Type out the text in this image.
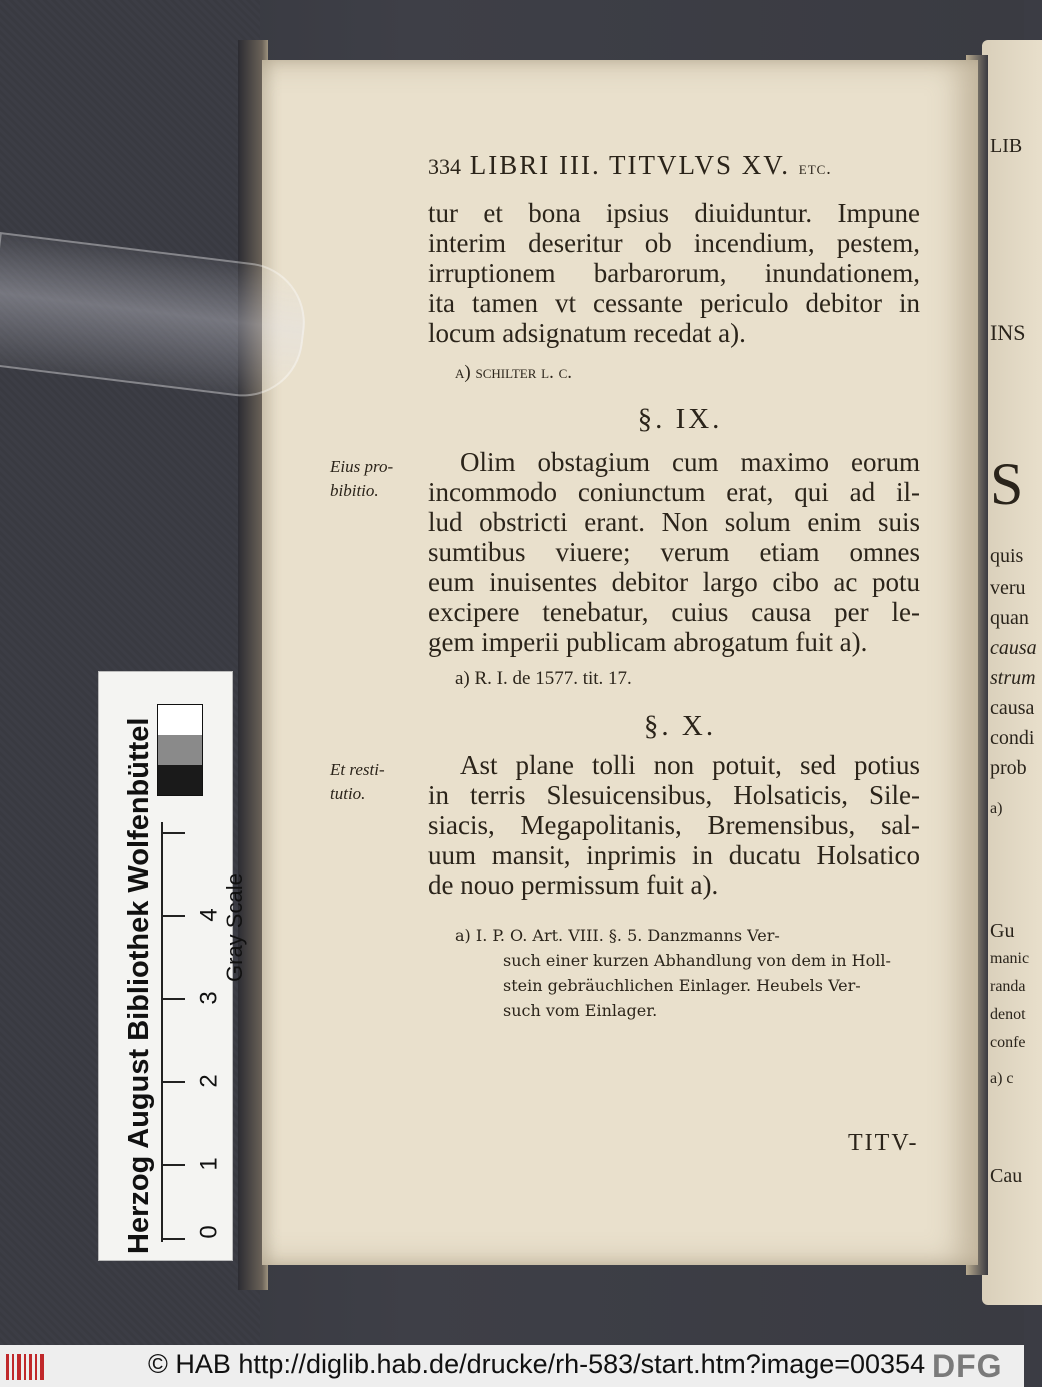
LIB
INS
S
quis
veru
quan
causa
strum
causa
condi
prob
a)
Gu
manic
randa
denot
confe
a) c
Cau
334 LIBRI III. TITVLVS XV. etc.
tur et bona ipsius diuiduntur. Impune
interim deseritur ob incendium, pestem,
irruptionem barbarorum, inundationem,
ita tamen vt cessante periculo debitor in
locum adsignatum recedat a).
a) schilter l. c.
§. IX.
Eius pro-
bibitio.
Olim obstagium cum maximo eorum
incommodo coniunctum erat, qui ad il-
lud obstricti erant. Non solum enim suis
sumtibus viuere; verum etiam omnes
eum inuisentes debitor largo cibo ac potu
excipere tenebatur, cuius causa per le-
gem imperii publicam abrogatum fuit a).
a) R. I. de 1577. tit. 17.
§. X.
Et resti-
tutio.
Ast plane tolli non potuit, sed potius
in terris Slesuicensibus, Holsaticis, Sile-
siacis, Megapolitanis, Bremensibus, sal-
uum mansit, inprimis in ducatu Holsatico
de nouo permissum fuit a).
a) I. P. O. Art. VIII. §. 5. Danzmanns Ver-
such einer kurzen Abhandlung von dem in Holl-
stein gebräuchlichen Einlager. Heubels Ver-
such vom Einlager.
TITV-
Herzog August Bibliothek Wolfenbüttel	Gray Scale
0
1
2
3
4
© HAB http://diglib.hab.de/drucke/rh-583/start.htm?image=00354 DFG
